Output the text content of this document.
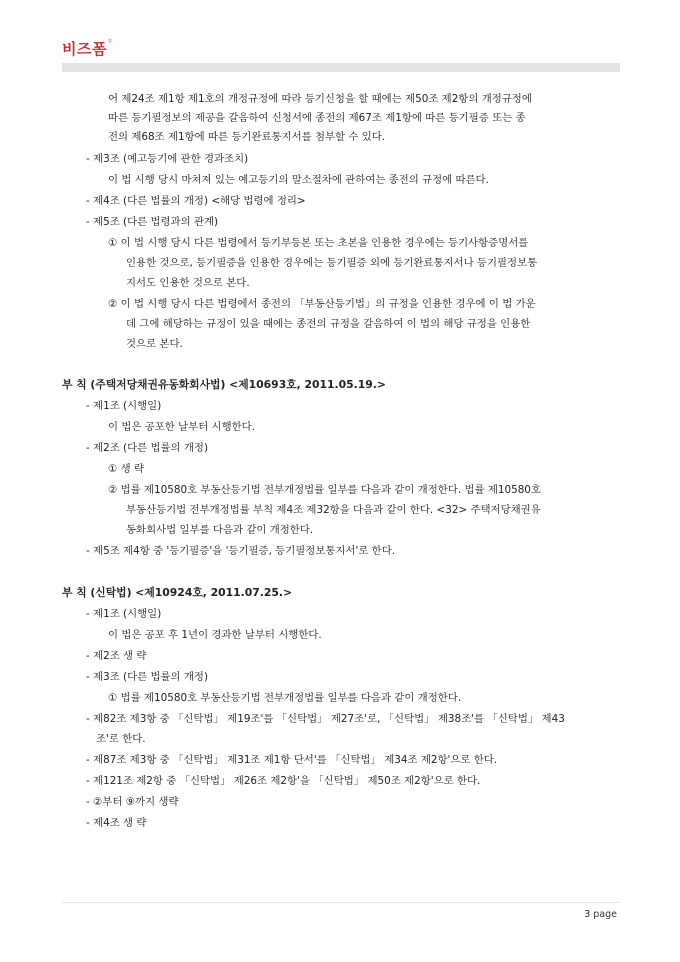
비즈폼®
어 제24조 제1항 제1호의 개정규정에 따라 등기신청을 할 때에는 제50조 제2항의 개정규정에
따른 등기필정보의 제공을 갈음하여 신청서에 종전의 제67조 제1항에 따른 등기필증 또는 종
전의 제68조 제1항에 따른 등기완료통지서를 첨부할 수 있다.
- 제3조 (예고등기에 관한 경과조치)
이 법 시행 당시 마쳐져 있는 예고등기의 말소절차에 관하여는 종전의 규정에 따른다.
- 제4조 (다른 법률의 개정) <해당 법령에 정리>
- 제5조 (다른 법령과의 관계)
① 이 법 시행 당시 다른 법령에서 등기부등본 또는 초본을 인용한 경우에는 등기사항증명서를
인용한 것으로, 등기필증을 인용한 경우에는 등기필증 외에 등기완료통지서나 등기필정보통
지서도 인용한 것으로 본다.
② 이 법 시행 당시 다른 법령에서 종전의 「부동산등기법」의 규정을 인용한 경우에 이 법 가운
데 그에 해당하는 규정이 있을 때에는 종전의 규정을 갈음하여 이 법의 해당 규정을 인용한
것으로 본다.
부 칙 (주택저당채권유동화회사법) <제10693호, 2011.05.19.>
- 제1조 (시행일)
이 법은 공포한 날부터 시행한다.
- 제2조 (다른 법률의 개정)
① 생 략
② 법률 제10580호 부동산등기법 전부개정법률 일부를 다음과 같이 개정한다. 법률 제10580호
부동산등기법 전부개정법률 부칙 제4조 제32항을 다음과 같이 한다. <32> 주택저당채권유
동화회사법 일부를 다음과 같이 개정한다.
- 제5조 제4항 중 '등기필증'을 '등기필증, 등기필정보통지서'로 한다.
부 칙 (신탁법) <제10924호, 2011.07.25.>
- 제1조 (시행일)
이 법은 공포 후 1년이 경과한 날부터 시행한다.
- 제2조 생 략
- 제3조 (다른 법률의 개정)
① 법률 제10580호 부동산등기법 전부개정법률 일부를 다음과 같이 개정한다.
- 제82조 제3항 중 「신탁법」 제19조'를 「신탁법」 제27조'로, 「신탁법」 제38조'를 「신탁법」 제43
조'로 한다.
- 제87조 제3항 중 「신탁법」 제31조 제1항 단서'를 「신탁법」 제34조 제2항'으로 한다.
- 제121조 제2항 중 「신탁법」 제26조 제2항'을 「신탁법」 제50조 제2항'으로 한다.
- ②부터 ⑨까지 생략
- 제4조 생 략
3 page
